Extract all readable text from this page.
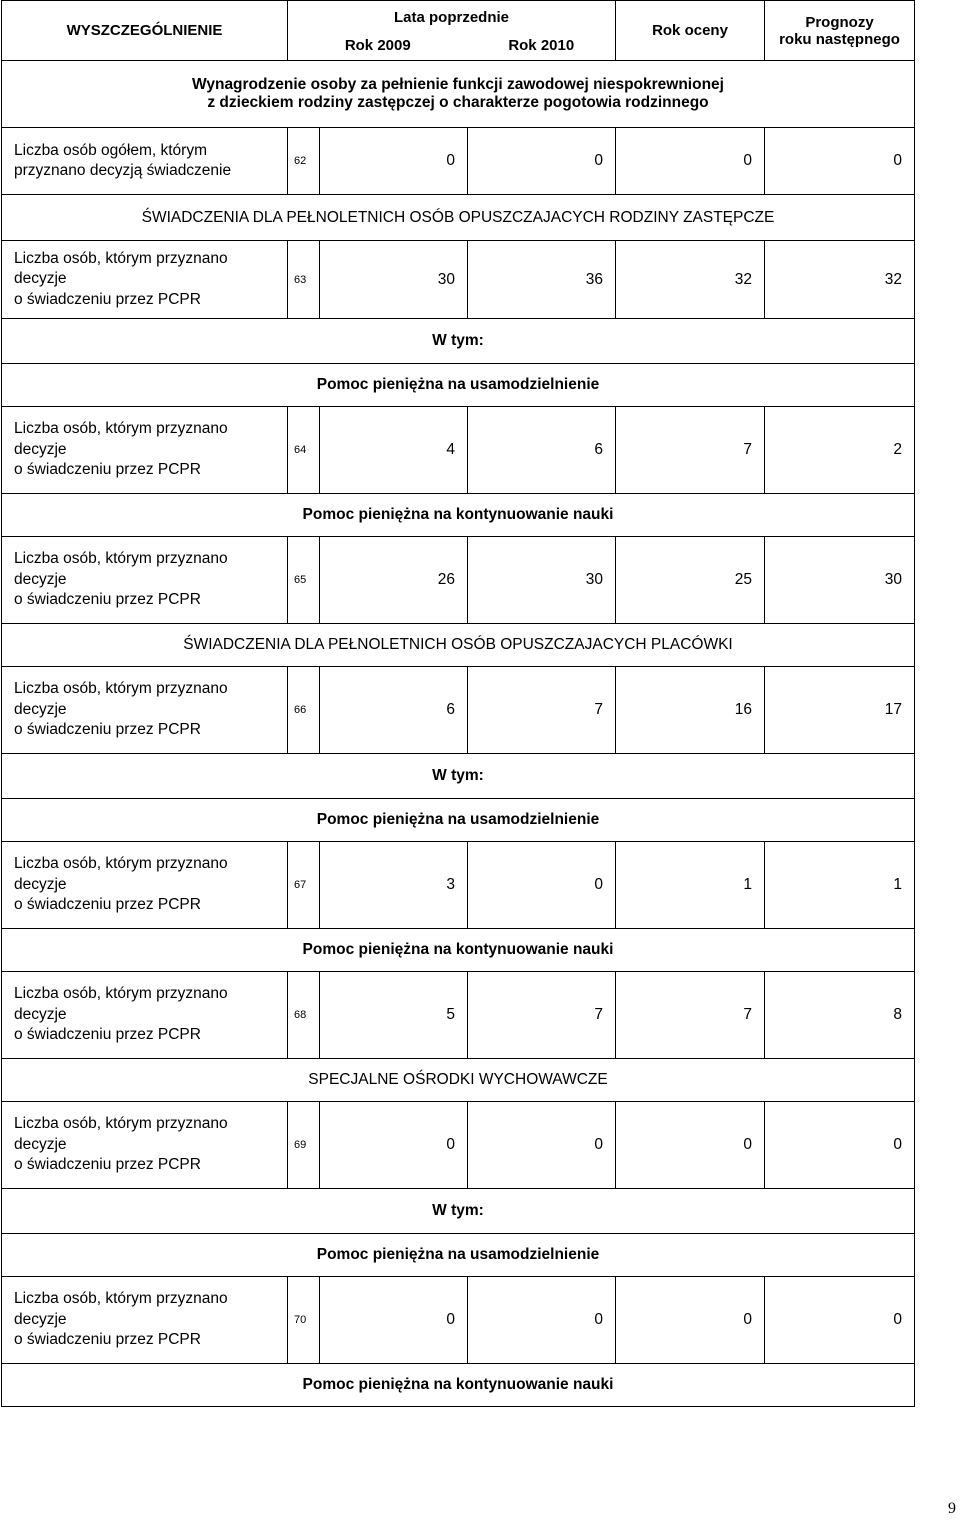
WYSZCZEGÓLNIENIE	Lata poprzednie			Rok oceny	Prognozy
roku następnego

	Rok 2009		Rok 2010		

Wynagrodzenie osoby za pełnienie funkcji zawodowej niespokrewnionej
z dzieckiem rodziny zastępczej o charakterze pogotowia rodzinnego					

Liczba osób ogółem, którym
przyznano decyzją świadczenie	62	0	0	0	0
ŚWIADCZENIA DLA PEŁNOLETNICH OSÓB OPUSZCZAJACYCH RODZINY ZASTĘPCZE					

Liczba osób, którym przyznano
decyzje
o świadczeniu przez PCPR	63	30	36	32	32
W tym:					
Pomoc pieniężna na usamodzielnienie					

Liczba osób, którym przyznano
decyzje
o świadczeniu przez PCPR	64	4	6	7	2
Pomoc pieniężna na kontynuowanie nauki					

Liczba osób, którym przyznano
decyzje
o świadczeniu przez PCPR	65	26	30	25	30
ŚWIADCZENIA DLA PEŁNOLETNICH OSÓB OPUSZCZAJACYCH PLACÓWKI					

Liczba osób, którym przyznano
decyzje
o świadczeniu przez PCPR	66	6	7	16	17
W tym:					
Pomoc pieniężna na usamodzielnienie					

Liczba osób, którym przyznano
decyzje
o świadczeniu przez PCPR	67	3	0	1	1
Pomoc pieniężna na kontynuowanie nauki					

Liczba osób, którym przyznano
decyzje
o świadczeniu przez PCPR	68	5	7	7	8
SPECJALNE OŚRODKI WYCHOWAWCZE					

Liczba osób, którym przyznano
decyzje
o świadczeniu przez PCPR	69	0	0	0	0
W tym:					
Pomoc pieniężna na usamodzielnienie					

Liczba osób, którym przyznano
decyzje
o świadczeniu przez PCPR	70	0	0	0	0
Pomoc pieniężna na kontynuowanie nauki					
9
